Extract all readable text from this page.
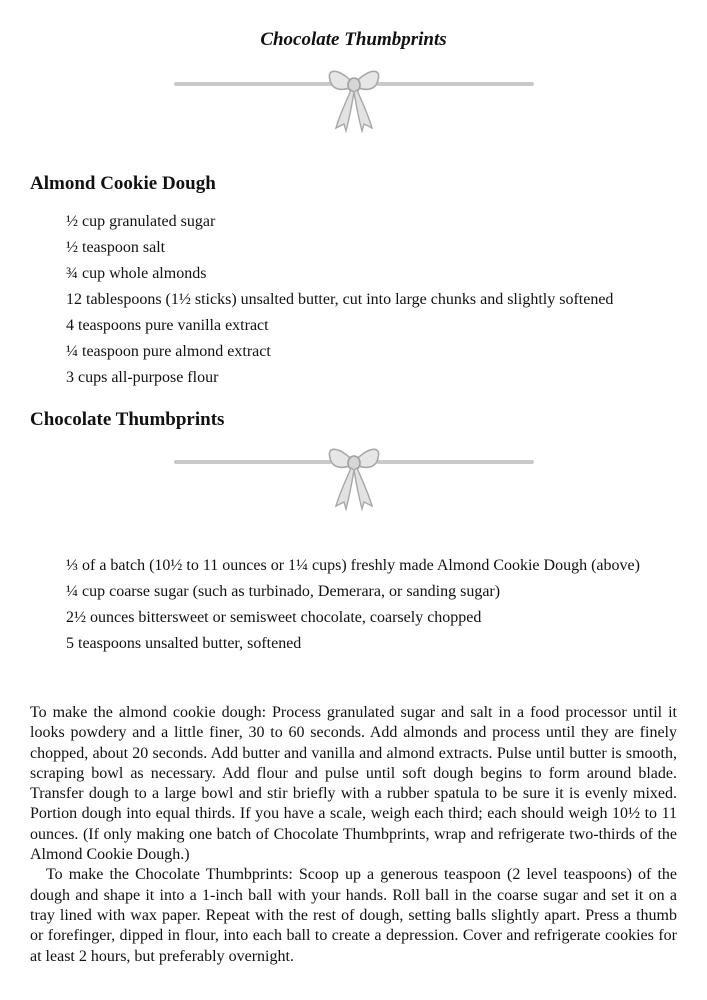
Chocolate Thumbprints
Almond Cookie Dough
½ cup granulated sugar
½ teaspoon salt
¾ cup whole almonds
12 tablespoons (1½ sticks) unsalted butter, cut into large chunks and slightly softened
4 teaspoons pure vanilla extract
¼ teaspoon pure almond extract
3 cups all-purpose flour
Chocolate Thumbprints
⅓ of a batch (10½ to 11 ounces or 1¼ cups) freshly made Almond Cookie Dough (above)
¼ cup coarse sugar (such as turbinado, Demerara, or sanding sugar)
2½ ounces bittersweet or semisweet chocolate, coarsely chopped
5 teaspoons unsalted butter, softened

To make the almond cookie dough: Process granulated sugar and salt in a food processor until it looks powdery and a little finer, 30 to 60 seconds. Add almonds and process until they are finely chopped, about 20 seconds. Add butter and vanilla and almond extracts. Pulse until butter is smooth, scraping bowl as necessary. Add flour and pulse until soft dough begins to form around blade. Transfer dough to a large bowl and stir briefly with a rubber spatula to be sure it is evenly mixed. Portion dough into equal thirds. If you have a scale, weigh each third; each should weigh 10½ to 11 ounces. (If only making one batch of Chocolate Thumbprints, wrap and refrigerate two-thirds of the Almond Cookie Dough.)

To make the Chocolate Thumbprints: Scoop up a generous teaspoon (2 level teaspoons) of the dough and shape it into a 1-inch ball with your hands. Roll ball in the coarse sugar and set it on a tray lined with wax paper. Repeat with the rest of dough, setting balls slightly apart. Press a thumb or forefinger, dipped in flour, into each ball to create a depression. Cover and refrigerate cookies for at least 2 hours, but preferably overnight.
